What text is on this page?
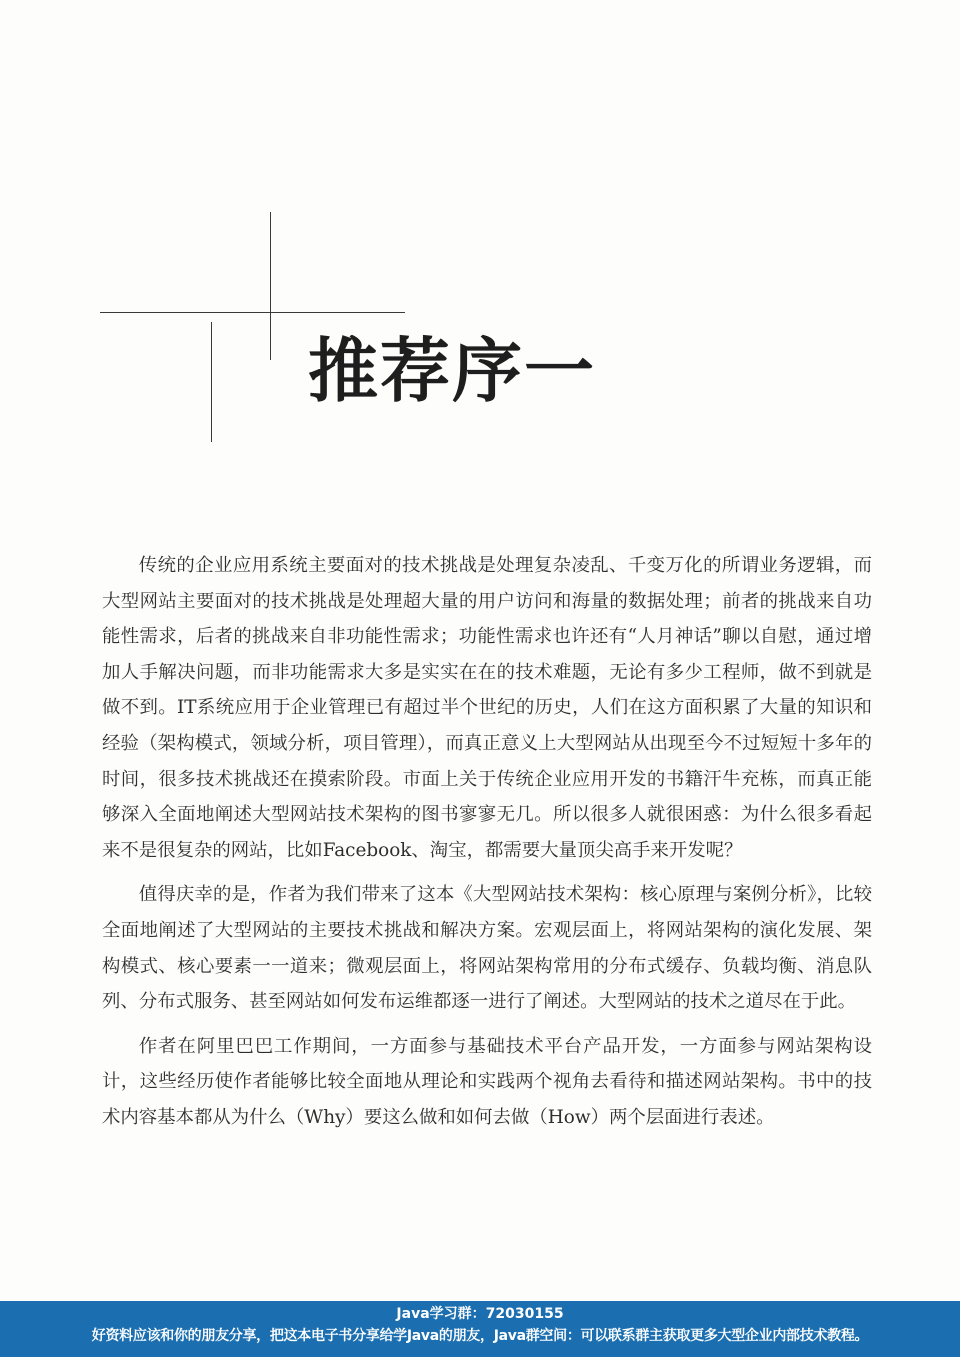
推荐序一

传统的企业应用系统主要面对的技术挑战是处理复杂凌乱、千变万化的所谓业务逻辑，而大型网站主要面对的技术挑战是处理超大量的用户访问和海量的数据处理；前者的挑战来自功能性需求，后者的挑战来自非功能性需求；功能性需求也许还有“人月神话”聊以自慰，通过增加人手解决问题，而非功能需求大多是实实在在的技术难题，无论有多少工程师，做不到就是做不到。IT系统应用于企业管理已有超过半个世纪的历史，人们在这方面积累了大量的知识和经验（架构模式，领域分析，项目管理），而真正意义上大型网站从出现至今不过短短十多年的时间，很多技术挑战还在摸索阶段。市面上关于传统企业应用开发的书籍汗牛充栋，而真正能够深入全面地阐述大型网站技术架构的图书寥寥无几。所以很多人就很困惑：为什么很多看起来不是很复杂的网站，比如Facebook、淘宝，都需要大量顶尖高手来开发呢？

值得庆幸的是，作者为我们带来了这本《大型网站技术架构：核心原理与案例分析》，比较全面地阐述了大型网站的主要技术挑战和解决方案。宏观层面上，将网站架构的演化发展、架构模式、核心要素一一道来；微观层面上，将网站架构常用的分布式缓存、负载均衡、消息队列、分布式服务、甚至网站如何发布运维都逐一进行了阐述。大型网站的技术之道尽在于此。

作者在阿里巴巴工作期间，一方面参与基础技术平台产品开发，一方面参与网站架构设计，这些经历使作者能够比较全面地从理论和实践两个视角去看待和描述网站架构。书中的技术内容基本都从为什么（Why）要这么做和如何去做（How）两个层面进行表述。

Java学习群：72030155
好资料应该和你的朋友分享，把这本电子书分享给学Java的朋友，Java群空间：可以联系群主获取更多大型企业内部技术教程。
